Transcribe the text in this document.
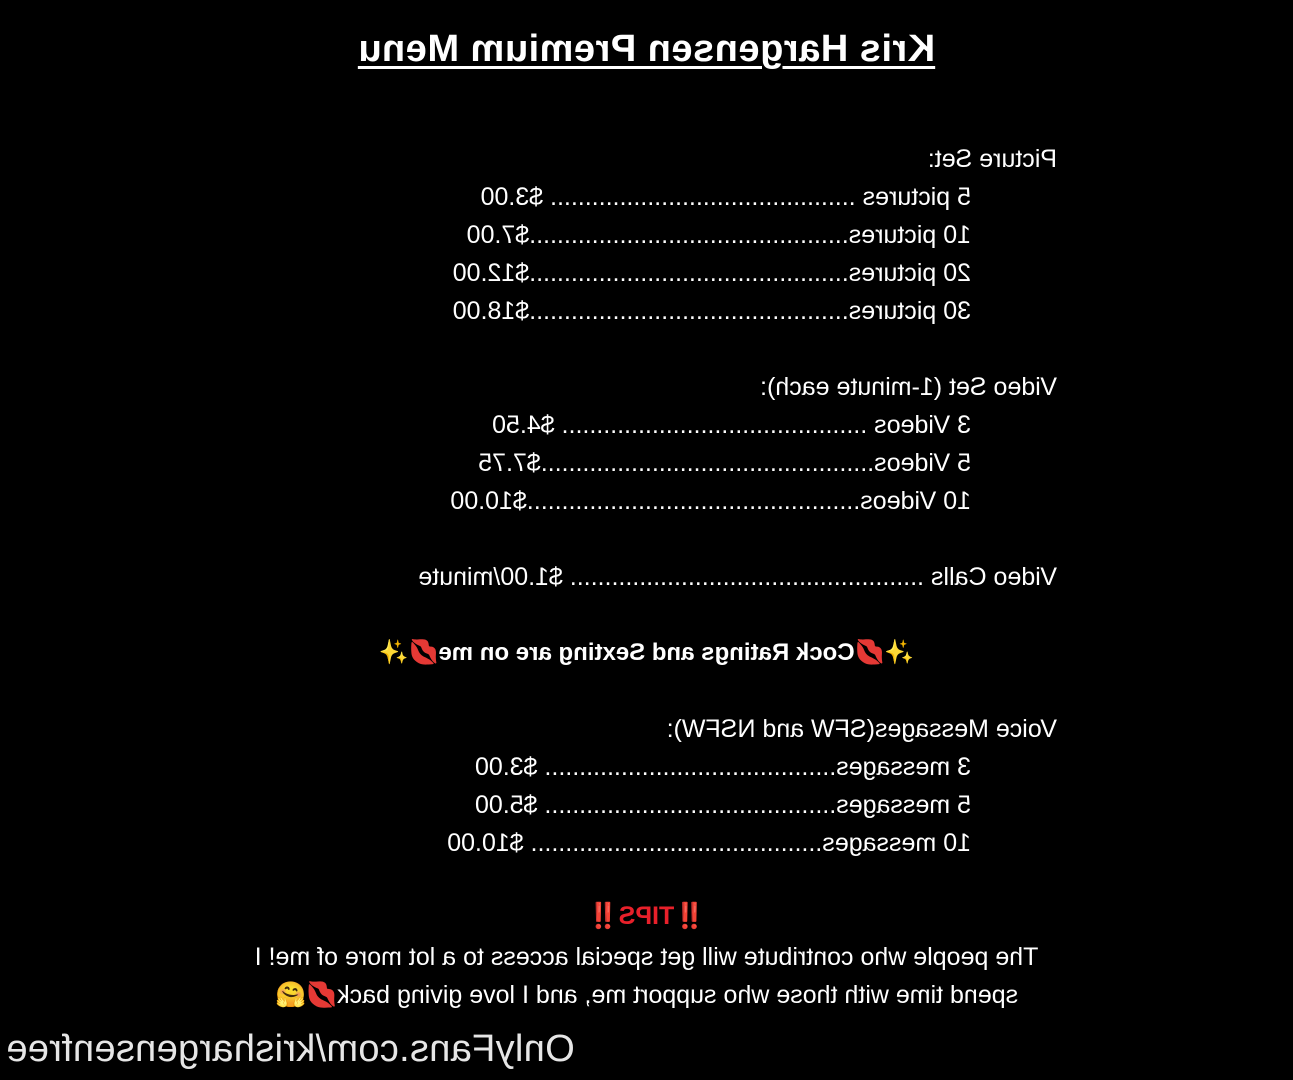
Kris Hargensen Premium Menu
Picture Set:
5 pictures ............................................ $3.00
10 pictures..............................................$7.00
20 pictures..............................................$12.00
30 pictures..............................................$18.00
Video Set (1-minute each):
3 Videos ............................................ $4.50
5 Videos................................................$7.75
10 Videos................................................$10.00
Video Calls ................................................... $1.00/minute
✨💋Cock Ratings and Sexting are on me💋✨
Voice Messages(SFW and NSFW):
3 messages.......................................... $3.00
5 messages.......................................... $5.00
10 messages.......................................... $10.00
‼️TIPS‼️
The people who contribute will get special access to a lot more of me! I
spend time with those who support me, and I love giving back💋🤗
OnlyFans.com/krishargensenfree
